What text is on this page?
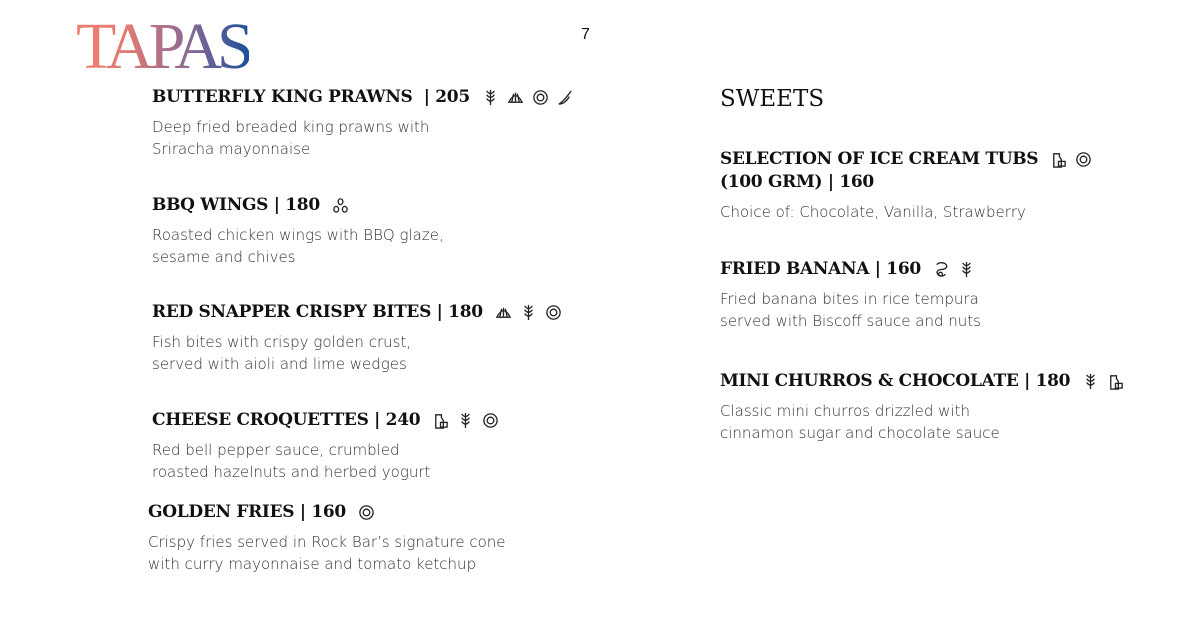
TAPAS	7
SWEETS
BUTTERFLY KING PRAWNS  | 205
Deep fried breaded king prawns with
Sriracha mayonnaise
BBQ WINGS | 180
Roasted chicken wings with BBQ glaze,
sesame and chives
RED SNAPPER CRISPY BITES | 180
Fish bites with crispy golden crust,
served with aioli and lime wedges
CHEESE CROQUETTES | 240
Red bell pepper sauce, crumbled
roasted hazelnuts and herbed yogurt
GOLDEN FRIES | 160
Crispy fries served in Rock Bar’s signature cone
with curry mayonnaise and tomato ketchup
SELECTION OF ICE CREAM TUBS
(100 GRM) | 160
Choice of: Chocolate, Vanilla, Strawberry
FRIED BANANA | 160
Fried banana bites in rice tempura
served with Biscoff sauce and nuts
MINI CHURROS & CHOCOLATE | 180
Classic mini churros drizzled with
cinnamon sugar and chocolate sauce
